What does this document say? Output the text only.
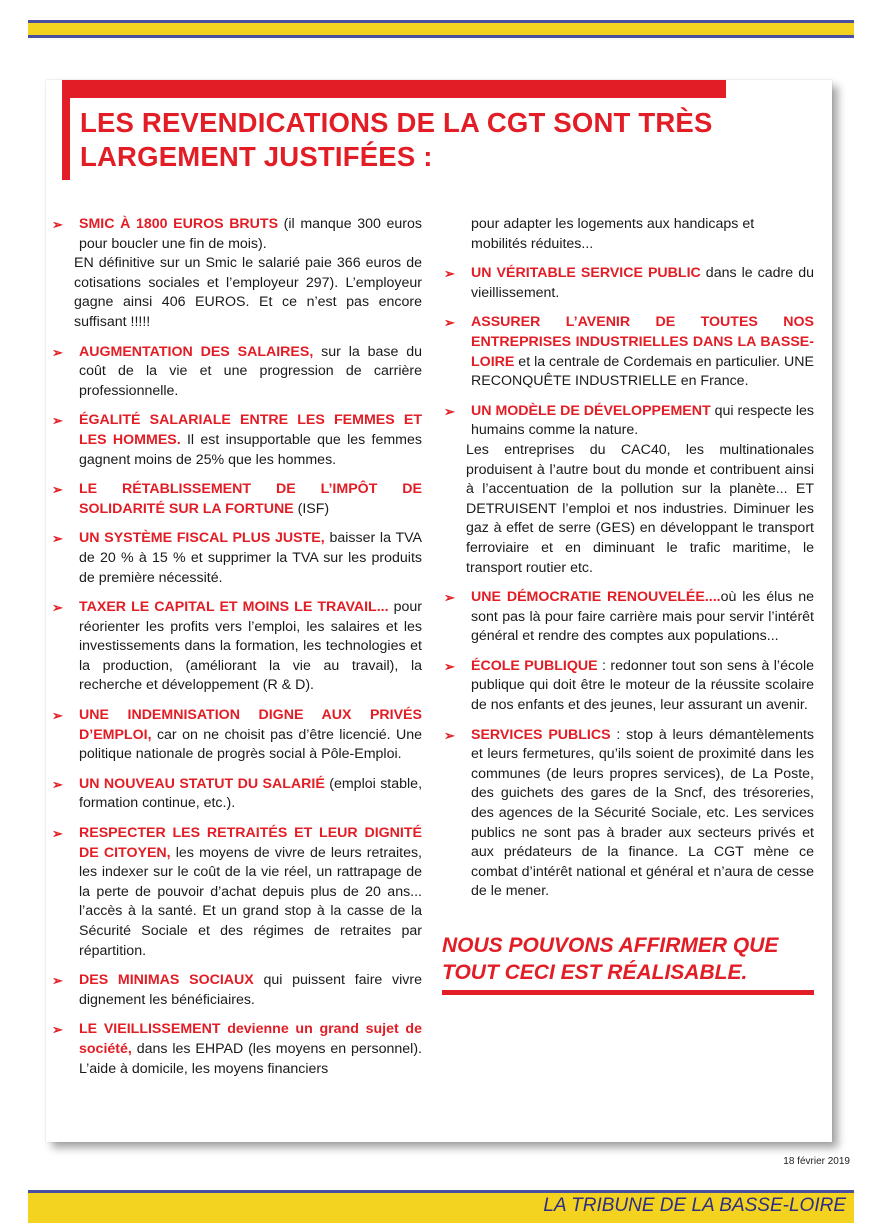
LES REVENDICATIONS DE LA CGT SONT TRÈS LARGEMENT JUSTIFÉES :
➢ SMIC À 1800 EUROS BRUTS (il manque 300 euros pour boucler une fin de mois).
EN définitive sur un Smic le salarié paie 366 euros de cotisations sociales et l’employeur 297). L’employeur gagne ainsi 406 EUROS. Et ce n’est pas encore suffisant !!!!!
➢ AUGMENTATION DES SALAIRES, sur la base du coût de la vie et une progression de carrière professionnelle.
➢ ÉGALITÉ SALARIALE ENTRE LES FEMMES ET LES HOMMES. Il est insupportable que les femmes gagnent moins de 25% que les hommes.
➢ LE RÉTABLISSEMENT DE L’IMPÔT DE SOLIDARITÉ SUR LA FORTUNE (ISF)
➢ UN SYSTÈME FISCAL PLUS JUSTE, baisser la TVA de 20 % à 15 % et supprimer la TVA sur les produits de première nécessité.
➢ TAXER LE CAPITAL ET MOINS LE TRAVAIL... pour réorienter les profits vers l’emploi, les salaires et les investissements dans la formation, les technologies et la production, (améliorant la vie au travail), la recherche et développement (R & D).
➢ UNE INDEMNISATION DIGNE AUX PRIVÉS D’EMPLOI, car on ne choisit pas d’être licencié. Une politique nationale de progrès social à Pôle-Emploi.
➢ UN NOUVEAU STATUT DU SALARIÉ (emploi stable, formation continue, etc.).
➢ RESPECTER LES RETRAITÉS ET LEUR DIGNITÉ DE CITOYEN, les moyens de vivre de leurs retraites, les indexer sur le coût de la vie réel, un rattrapage de la perte de pouvoir d’achat depuis plus de 20 ans... l’accès à la santé. Et un grand stop à la casse de la Sécurité Sociale et des régimes de retraites par répartition.
➢ DES MINIMAS SOCIAUX qui puissent faire vivre dignement les bénéficiaires.
➢ LE VIEILLISSEMENT devienne un grand sujet de société, dans les EHPAD (les moyens en personnel). L’aide à domicile, les moyens financiers
pour adapter les logements aux handicaps et mobilités réduites...
➢ UN VÉRITABLE SERVICE PUBLIC dans le cadre du vieillissement.
➢ ASSURER L’AVENIR DE TOUTES NOS ENTREPRISES INDUSTRIELLES DANS LA BASSE-LOIRE et la centrale de Cordemais en particulier. UNE RECONQUÊTE INDUSTRIELLE en France.
➢ UN MODÈLE DE DÉVELOPPEMENT qui respecte les humains comme la nature.
Les entreprises du CAC40, les multinationales produisent à l’autre bout du monde et contribuent ainsi à l’accentuation de la pollution sur la planète... ET DETRUISENT l’emploi et nos industries. Diminuer les gaz à effet de serre (GES) en développant le transport ferroviaire et en diminuant le trafic maritime, le transport routier etc.
➢ UNE DÉMOCRATIE RENOUVELÉE....où les élus ne sont pas là pour faire carrière mais pour servir l’intérêt général et rendre des comptes aux populations...
➢ ÉCOLE PUBLIQUE : redonner tout son sens à l’école publique qui doit être le moteur de la réussite scolaire de nos enfants et des jeunes, leur assurant un avenir.
➢ SERVICES PUBLICS : stop à leurs démantèlements et leurs fermetures, qu’ils soient de proximité dans les communes (de leurs propres services), de La Poste, des guichets des gares de la Sncf, des trésoreries, des agences de la Sécurité Sociale, etc. Les services publics ne sont pas à brader aux secteurs privés et aux prédateurs de la finance. La CGT mène ce combat d’intérêt national et général et n’aura de cesse de le mener.
NOUS POUVONS AFFIRMER QUE TOUT CECI EST RÉALISABLE.
18 février 2019
LA TRIBUNE DE LA BASSE-LOIRE
